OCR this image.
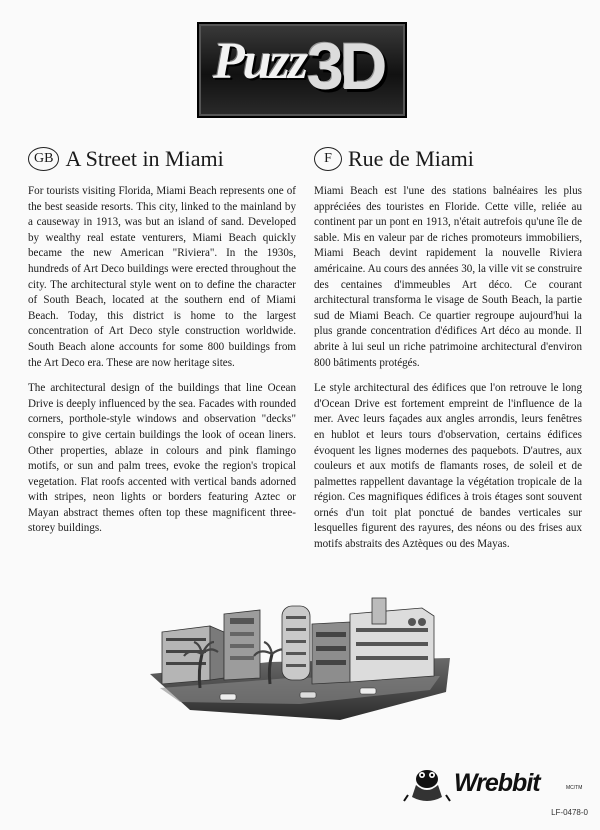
Puzz 3D
GB A Street in Miami

For tourists visiting Florida, Miami Beach represents one of the best seaside resorts. This city, linked to the mainland by a causeway in 1913, was but an island of sand. Developed by wealthy real estate venturers, Miami Beach quickly became the new American "Riviera". In the 1930s, hundreds of Art Deco buildings were erected throughout the city. The architectural style went on to define the character of South Beach, located at the southern end of Miami Beach. Today, this district is home to the largest concentration of Art Deco style construction worldwide. South Beach alone accounts for some 800 buildings from the Art Deco era. These are now heritage sites.

The architectural design of the buildings that line Ocean Drive is deeply influenced by the sea. Facades with rounded corners, porthole-style windows and observation "decks" conspire to give certain buildings the look of ocean liners. Other properties, ablaze in colours and pink flamingo motifs, or sun and palm trees, evoke the region's tropical vegetation. Flat roofs accented with vertical bands adorned with stripes, neon lights or borders featuring Aztec or Mayan abstract themes often top these magnificent three-storey buildings.

F Rue de Miami

Miami Beach est l'une des stations balnéaires les plus appréciées des touristes en Floride. Cette ville, reliée au continent par un pont en 1913, n'était autrefois qu'une île de sable. Mis en valeur par de riches promoteurs immobiliers, Miami Beach devint rapidement la nouvelle Riviera américaine. Au cours des années 30, la ville vit se construire des centaines d'immeubles Art déco. Ce courant architectural transforma le visage de South Beach, la partie sud de Miami Beach. Ce quartier regroupe aujourd'hui la plus grande concentration d'édifices Art déco au monde. Il abrite à lui seul un riche patrimoine architectural d'environ 800 bâtiments protégés.

Le style architectural des édifices que l'on retrouve le long d'Ocean Drive est fortement empreint de l'influence de la mer. Avec leurs façades aux angles arrondis, leurs fenêtres en hublot et leurs tours d'observation, certains édifices évoquent les lignes modernes des paquebots. D'autres, aux couleurs et aux motifs de flamants roses, de soleil et de palmettes rappellent davantage la végétation tropicale de la région. Ces magnifiques édifices à trois étages sont souvent ornés d'un toit plat ponctué de bandes verticales sur lesquelles figurent des rayures, des néons ou des frises aux motifs abstraits des Aztèques ou des Mayas.

Wrebbit	MC/TM
LF-0478-0
